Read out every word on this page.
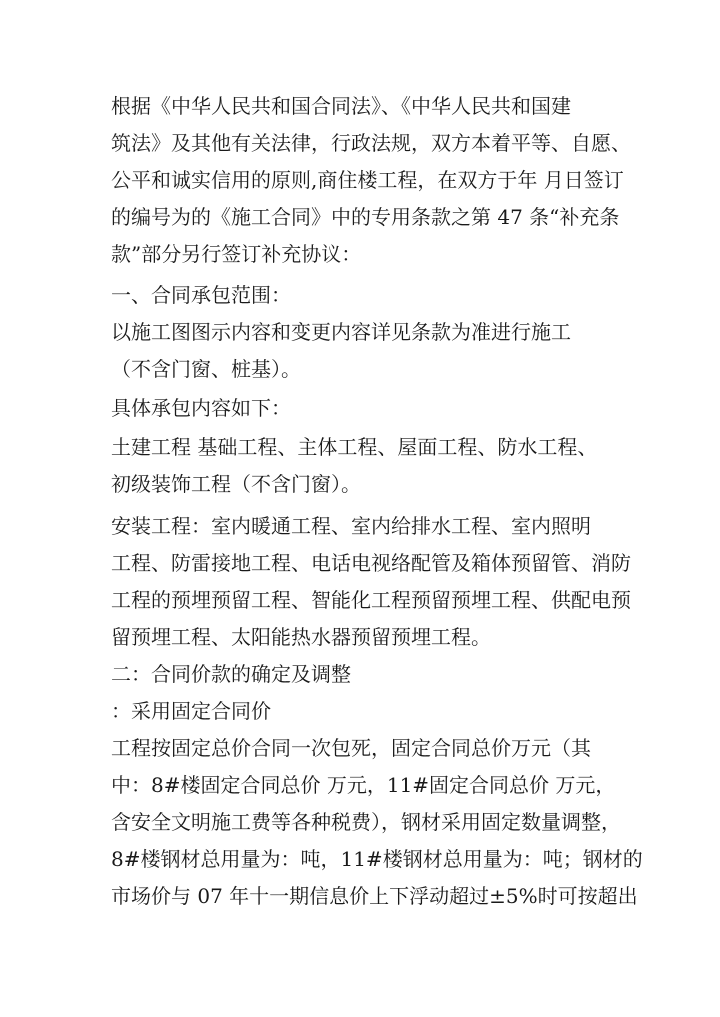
根据《中华人民共和国合同法》、《中华人民共和国建
筑法》及其他有关法律，行政法规，双方本着平等、自愿、
公平和诚实信用的原则,商住楼工程，在双方于年 月日签订
的编号为的《施工合同》中的专用条款之第 47 条“补充条
款”部分另行签订补充协议：
一、合同承包范围：
以施工图图示内容和变更内容详见条款为准进行施工
（不含门窗、桩基）。
具体承包内容如下：
土建工程 基础工程、主体工程、屋面工程、防水工程、
初级装饰工程（不含门窗）。
安装工程：室内暖通工程、室内给排水工程、室内照明
工程、防雷接地工程、电话电视络配管及箱体预留管、消防
工程的预埋预留工程、智能化工程预留预埋工程、供配电预
留预埋工程、太阳能热水器预留预埋工程。
二：合同价款的确定及调整
：采用固定合同价
工程按固定总价合同一次包死，固定合同总价万元（其
中：8#楼固定合同总价 万元，11#固定合同总价 万元，
含安全文明施工费等各种税费），钢材采用固定数量调整，
8#楼钢材总用量为：吨，11#楼钢材总用量为：吨；钢材的
市场价与 07 年十一期信息价上下浮动超过±5%时可按超出
